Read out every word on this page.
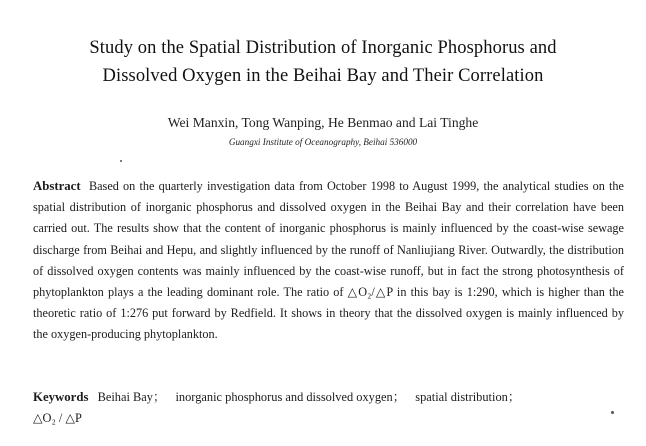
Study on the Spatial Distribution of Inorganic Phosphorus and
Dissolved Oxygen in the Beihai Bay and Their Correlation
Wei Manxin, Tong Wanping, He Benmao and Lai Tinghe
Guangxi Institute of Oceanography, Beihai 536000
Abstract Based on the quarterly investigation data from October 1998 to August 1999, the analytical studies on the spatial distribution of inorganic phosphorus and dissolved oxygen in the Beihai Bay and their correlation have been carried out. The results show that the content of inorganic phosphorus is mainly influenced by the coast-wise sewage discharge from Beihai and Hepu, and slightly influenced by the runoff of Nanliujiang River. Outwardly, the distribution of dissolved oxygen contents was mainly influenced by the coast-wise runoff, but in fact the strong photosynthesis of phytoplankton plays a the leading dominant role. The ratio of △O₂/△P in this bay is 1:290, which is higher than the theoretic ratio of 1:276 put forward by Redfield. It shows in theory that the dissolved oxygen is mainly influenced by the oxygen-producing phytoplankton.
Keywords Beihai Bay； inorganic phosphorus and dissolved oxygen； spatial distribution；
△O₂ / △P
